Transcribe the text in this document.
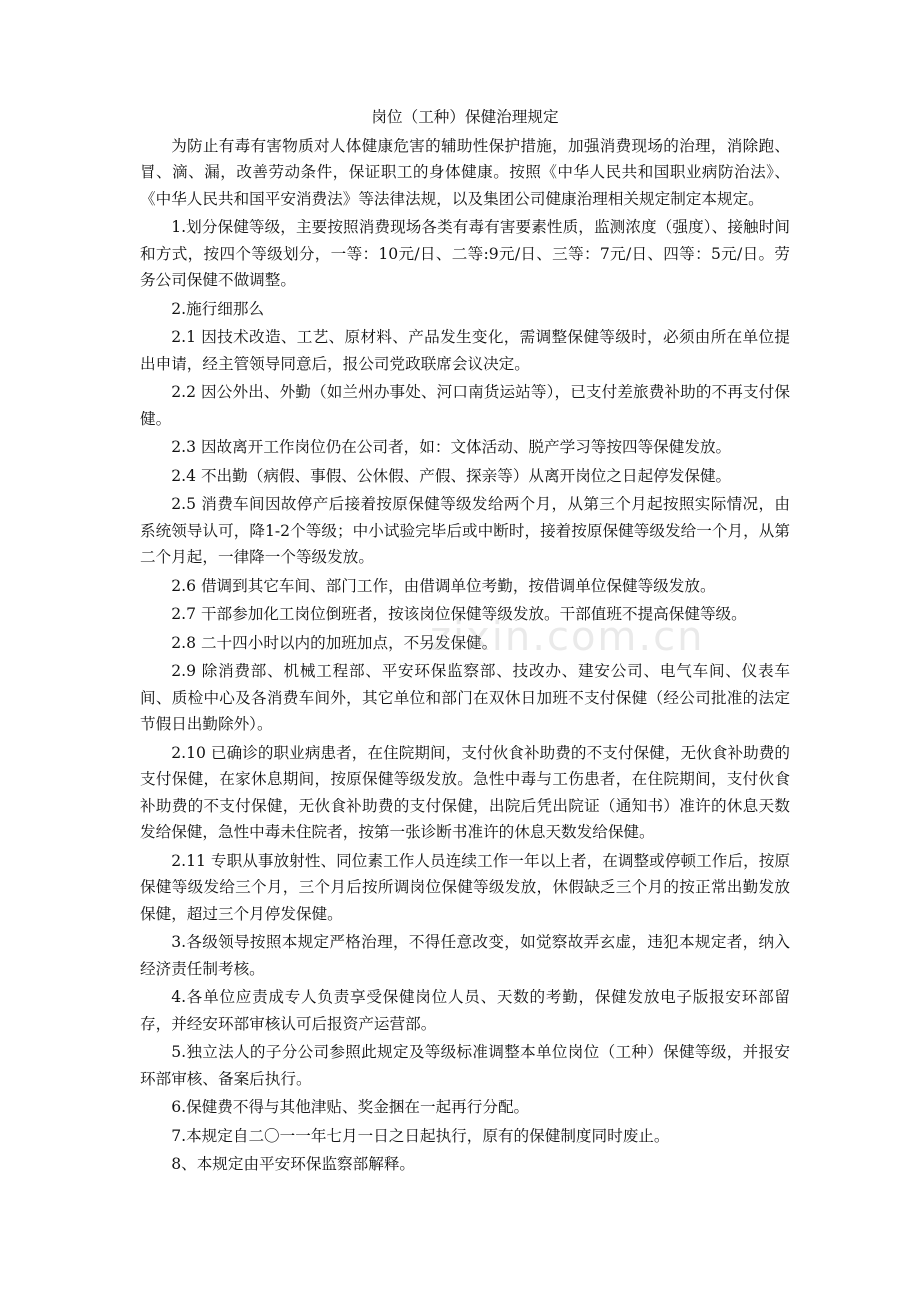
岗位（工种）保健治理规定

为防止有毒有害物质对人体健康危害的辅助性保护措施，加强消费现场的治理，消除跑、冒、滴、漏，改善劳动条件，保证职工的身体健康。按照《中华人民共和国职业病防治法》、《中华人民共和国平安消费法》等法律法规，以及集团公司健康治理相关规定制定本规定。

1.划分保健等级，主要按照消费现场各类有毒有害要素性质，监测浓度（强度）、接触时间和方式，按四个等级划分，一等：10元/日、二等:9元/日、三等：7元/日、四等：5元/日。劳务公司保健不做调整。

2.施行细那么

2.1 因技术改造、工艺、原材料、产品发生变化，需调整保健等级时，必须由所在单位提出申请，经主管领导同意后，报公司党政联席会议决定。

2.2 因公外出、外勤（如兰州办事处、河口南货运站等），已支付差旅费补助的不再支付保健。

2.3 因故离开工作岗位仍在公司者，如：文体活动、脱产学习等按四等保健发放。

2.4 不出勤（病假、事假、公休假、产假、探亲等）从离开岗位之日起停发保健。

2.5 消费车间因故停产后接着按原保健等级发给两个月，从第三个月起按照实际情况，由系统领导认可，降1-2个等级；中小试验完毕后或中断时，接着按原保健等级发给一个月，从第二个月起，一律降一个等级发放。

2.6 借调到其它车间、部门工作，由借调单位考勤，按借调单位保健等级发放。

2.7 干部参加化工岗位倒班者，按该岗位保健等级发放。干部值班不提高保健等级。

2.8 二十四小时以内的加班加点，不另发保健。

2.9 除消费部、机械工程部、平安环保监察部、技改办、建安公司、电气车间、仪表车间、质检中心及各消费车间外，其它单位和部门在双休日加班不支付保健（经公司批准的法定节假日出勤除外）。

2.10 已确诊的职业病患者，在住院期间，支付伙食补助费的不支付保健，无伙食补助费的支付保健，在家休息期间，按原保健等级发放。急性中毒与工伤患者，在住院期间，支付伙食补助费的不支付保健，无伙食补助费的支付保健，出院后凭出院证（通知书）准许的休息天数发给保健，急性中毒未住院者，按第一张诊断书准许的休息天数发给保健。

2.11 专职从事放射性、同位素工作人员连续工作一年以上者，在调整或停顿工作后，按原保健等级发给三个月，三个月后按所调岗位保健等级发放，休假缺乏三个月的按正常出勤发放保健，超过三个月停发保健。

3.各级领导按照本规定严格治理，不得任意改变，如觉察故弄玄虚，违犯本规定者，纳入经济责任制考核。

4.各单位应责成专人负责享受保健岗位人员、天数的考勤，保健发放电子版报安环部留存，并经安环部审核认可后报资产运营部。

5.独立法人的子分公司参照此规定及等级标准调整本单位岗位（工种）保健等级，并报安环部审核、备案后执行。

6.保健费不得与其他津贴、奖金捆在一起再行分配。

7.本规定自二〇一一年七月一日之日起执行，原有的保健制度同时废止。

8、本规定由平安环保监察部解释。

zixin.com.cn
